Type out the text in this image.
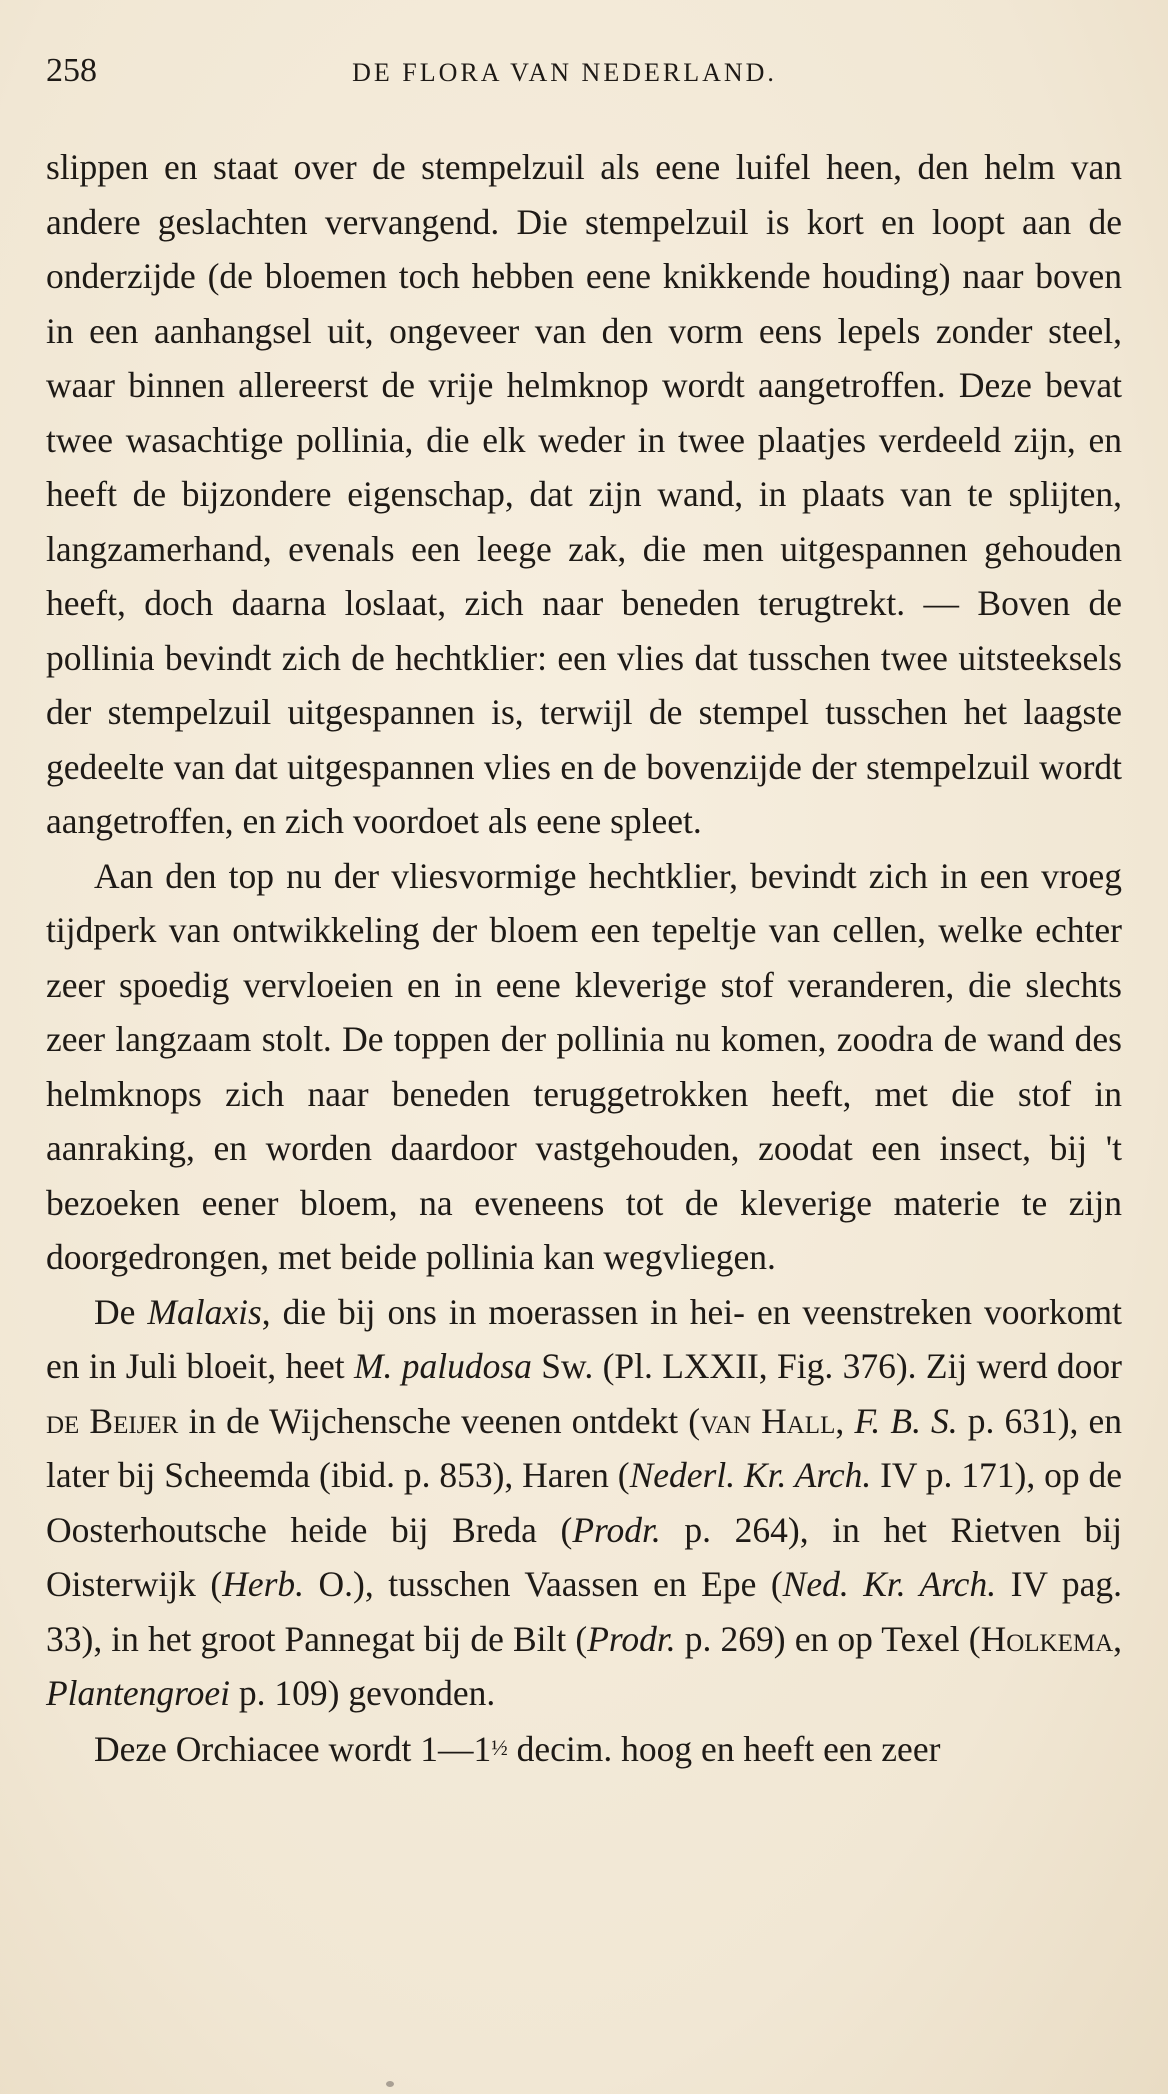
258	DE FLORA VAN NEDERLAND.

slippen en staat over de stempelzuil als eene luifel heen, den helm van andere geslachten vervangend. Die stempelzuil is kort en loopt aan de onderzijde (de bloemen toch hebben eene knikkende houding) naar boven in een aanhangsel uit, ongeveer van den vorm eens lepels zonder steel, waar binnen allereerst de vrije helmknop wordt aangetroffen. Deze bevat twee wasachtige pollinia, die elk weder in twee plaatjes verdeeld zijn, en heeft de bijzondere eigenschap, dat zijn wand, in plaats van te splijten, langzamerhand, evenals een leege zak, die men uitgespannen gehouden heeft, doch daarna loslaat, zich naar beneden terugtrekt. — Boven de pollinia bevindt zich de hechtklier: een vlies dat tusschen twee uitsteeksels der stempelzuil uitgespannen is, terwijl de stempel tusschen het laagste gedeelte van dat uitgespannen vlies en de bovenzijde der stempelzuil wordt aangetroffen, en zich voordoet als eene spleet.

Aan den top nu der vliesvormige hechtklier, bevindt zich in een vroeg tijdperk van ontwikkeling der bloem een tepeltje van cellen, welke echter zeer spoedig vervloeien en in eene kleverige stof veranderen, die slechts zeer langzaam stolt. De toppen der pollinia nu komen, zoodra de wand des helmknops zich naar beneden teruggetrokken heeft, met die stof in aanraking, en worden daardoor vastgehouden, zoodat een insect, bij 't bezoeken eener bloem, na eveneens tot de kleverige materie te zijn doorgedrongen, met beide pollinia kan wegvliegen.

De Malaxis, die bij ons in moerassen in hei- en veenstreken voorkomt en in Juli bloeit, heet M. paludosa Sw. (Pl. LXXII, Fig. 376). Zij werd door de Beijer in de Wijchensche veenen ontdekt (van Hall, F. B. S. p. 631), en later bij Scheemda (ibid. p. 853), Haren (Nederl. Kr. Arch. IV p. 171), op de Oosterhoutsche heide bij Breda (Prodr. p. 264), in het Rietven bij Oisterwijk (Herb. O.), tusschen Vaassen en Epe (Ned. Kr. Arch. IV pag. 33), in het groot Pannegat bij de Bilt (Prodr. p. 269) en op Texel (Holkema, Plantengroei p. 109) gevonden.

Deze Orchiacee wordt 1—1½ decim. hoog en heeft een zeer
